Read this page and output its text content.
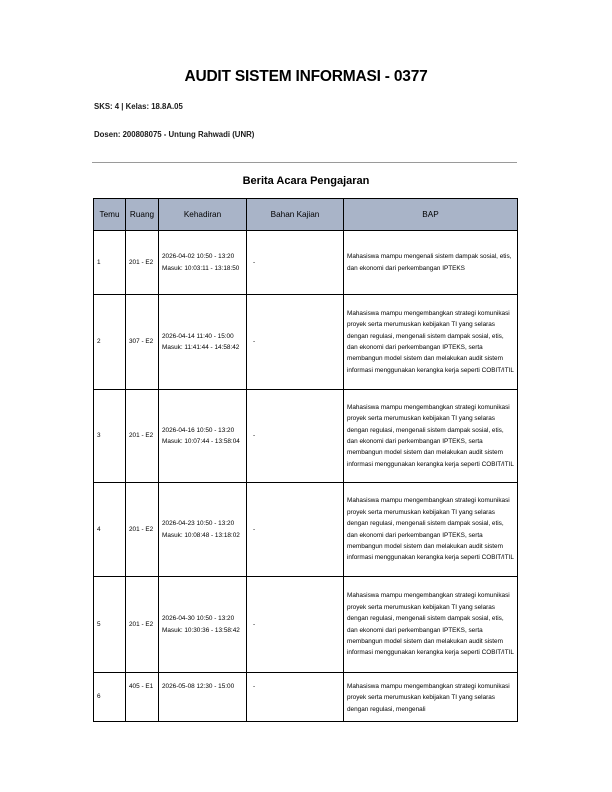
AUDIT SISTEM INFORMASI - 0377
SKS: 4 | Kelas: 18.8A.05
Dosen: 200808075 - Untung Rahwadi (UNR)
Berita Acara Pengajaran
Temu	Ruang	Kehadiran	Bahan Kajian	BAP
1	201 - E2	2026-04-02 10:50 - 13:20 Masuk: 10:03:11 - 13:18:50	-	Mahasiswa mampu mengenali sistem dampak sosial, etis, dan ekonomi dari perkembangan IPTEKS
2	307 - E2	2026-04-14 11:40 - 15:00 Masuk: 11:41:44 - 14:58:42	-	Mahasiswa mampu mengembangkan strategi komunikasi proyek serta merumuskan kebijakan TI yang selaras dengan regulasi, mengenali sistem dampak sosial, etis, dan ekonomi dari perkembangan IPTEKS, serta membangun model sistem dan melakukan audit sistem informasi menggunakan kerangka kerja seperti COBIT/ITIL
3	201 - E2	2026-04-16 10:50 - 13:20 Masuk: 10:07:44 - 13:58:04	-	Mahasiswa mampu mengembangkan strategi komunikasi proyek serta merumuskan kebijakan TI yang selaras dengan regulasi, mengenali sistem dampak sosial, etis, dan ekonomi dari perkembangan IPTEKS, serta membangun model sistem dan melakukan audit sistem informasi menggunakan kerangka kerja seperti COBIT/ITIL
4	201 - E2	2026-04-23 10:50 - 13:20 Masuk: 10:08:48 - 13:18:02	-	Mahasiswa mampu mengembangkan strategi komunikasi proyek serta merumuskan kebijakan TI yang selaras dengan regulasi, mengenali sistem dampak sosial, etis, dan ekonomi dari perkembangan IPTEKS, serta membangun model sistem dan melakukan audit sistem informasi menggunakan kerangka kerja seperti COBIT/ITIL
5	201 - E2	2026-04-30 10:50 - 13:20 Masuk: 10:30:36 - 13:58:42	-	Mahasiswa mampu mengembangkan strategi komunikasi proyek serta merumuskan kebijakan TI yang selaras dengan regulasi, mengenali sistem dampak sosial, etis, dan ekonomi dari perkembangan IPTEKS, serta membangun model sistem dan melakukan audit sistem informasi menggunakan kerangka kerja seperti COBIT/ITIL
6	405 - E1	2026-05-08 12:30 - 15:00	-	Mahasiswa mampu mengembangkan strategi komunikasi proyek serta merumuskan kebijakan TI yang selaras dengan regulasi, mengenali
